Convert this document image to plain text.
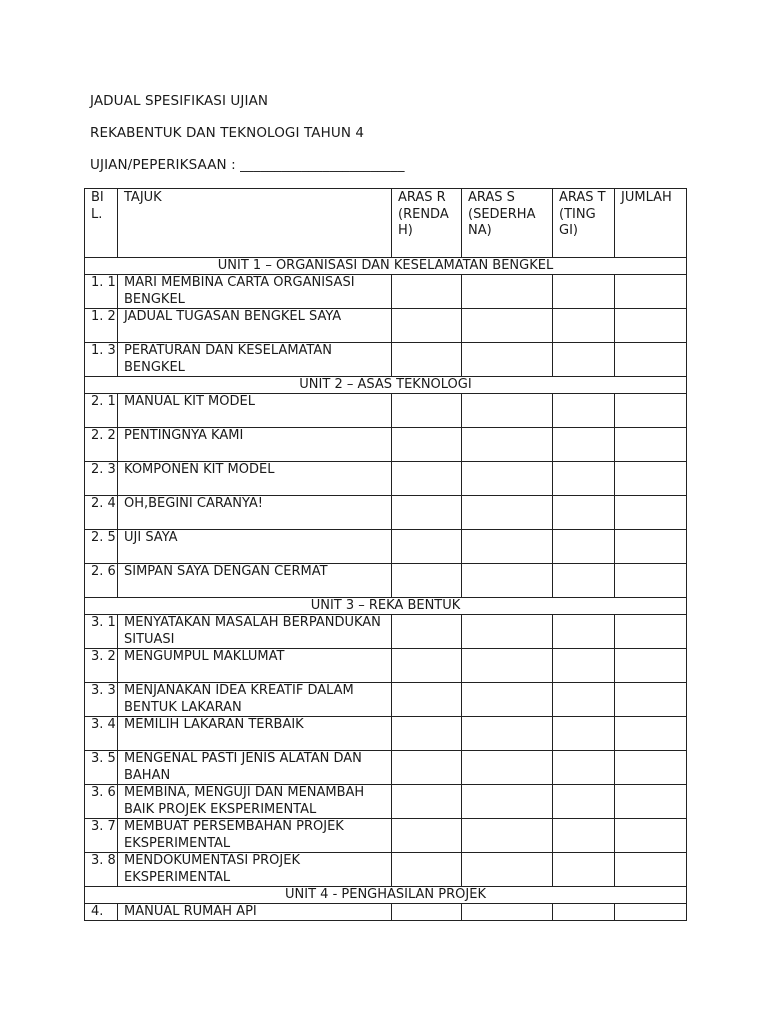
JADUAL SPESIFIKASI UJIAN
REKABENTUK DAN TEKNOLOGI TAHUN 4
UJIAN/PEPERIKSAAN : ________________________
BI L.	TAJUK	ARAS R (RENDA H)	ARAS S (SEDERHA NA)	ARAS T (TING GI)	JUMLAH
UNIT 1 – ORGANISASI DAN KESELAMATAN BENGKEL					
1. 1	MARI MEMBINA CARTA ORGANISASI BENGKEL				
1. 2	JADUAL TUGASAN BENGKEL SAYA				
1. 3	PERATURAN DAN KESELAMATAN BENGKEL				
UNIT 2 – ASAS TEKNOLOGI					
2. 1	MANUAL KIT MODEL				
2. 2	PENTINGNYA KAMI				
2. 3	KOMPONEN KIT MODEL				
2. 4	OH,BEGINI CARANYA!				
2. 5	UJI SAYA				
2. 6	SIMPAN SAYA DENGAN CERMAT				
UNIT 3 – REKA BENTUK					
3. 1	MENYATAKAN MASALAH BERPANDUKAN SITUASI				
3. 2	MENGUMPUL MAKLUMAT				
3. 3	MENJANAKAN IDEA KREATIF DALAM BENTUK LAKARAN				
3. 4	MEMILIH LAKARAN TERBAIK				
3. 5	MENGENAL PASTI JENIS ALATAN DAN BAHAN				
3. 6	MEMBINA, MENGUJI DAN MENAMBAH BAIK PROJEK EKSPERIMENTAL				
3. 7	MEMBUAT PERSEMBAHAN PROJEK EKSPERIMENTAL				
3. 8	MENDOKUMENTASI PROJEK EKSPERIMENTAL				
UNIT 4 - PENGHASILAN PROJEK					
4.	MANUAL RUMAH API				
